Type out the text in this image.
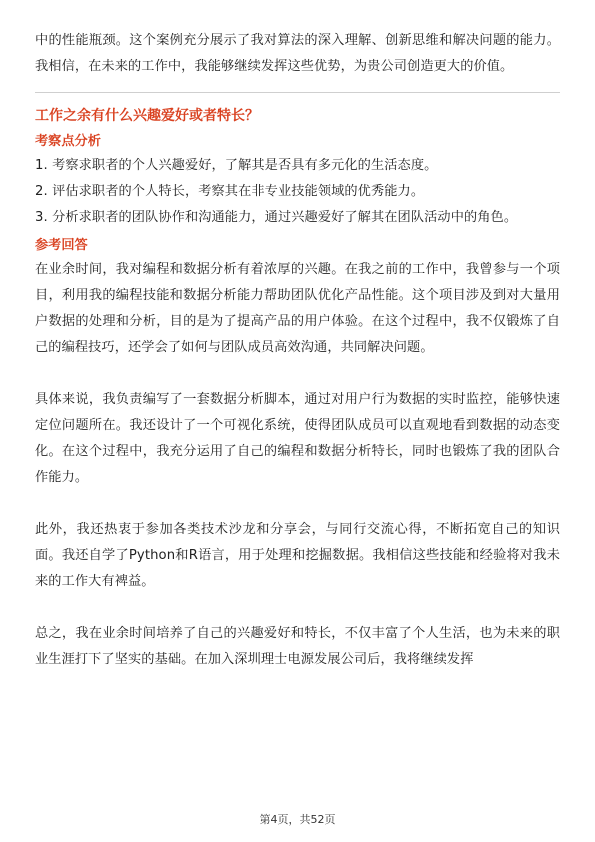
中的性能瓶颈。这个案例充分展示了我对算法的深入理解、创新思维和解决问题的能力。我相信，在未来的工作中，我能够继续发挥这些优势，为贵公司创造更大的价值。

工作之余有什么兴趣爱好或者特长？
考察点分析
1. 考察求职者的个人兴趣爱好，了解其是否具有多元化的生活态度。
2. 评估求职者的个人特长，考察其在非专业技能领域的优秀能力。
3. 分析求职者的团队协作和沟通能力，通过兴趣爱好了解其在团队活动中的角色。
参考回答

在业余时间，我对编程和数据分析有着浓厚的兴趣。在我之前的工作中，我曾参与一个项目，利用我的编程技能和数据分析能力帮助团队优化产品性能。这个项目涉及到对大量用户数据的处理和分析，目的是为了提高产品的用户体验。在这个过程中，我不仅锻炼了自己的编程技巧，还学会了如何与团队成员高效沟通，共同解决问题。

具体来说，我负责编写了一套数据分析脚本，通过对用户行为数据的实时监控，能够快速定位问题所在。我还设计了一个可视化系统，使得团队成员可以直观地看到数据的动态变化。在这个过程中，我充分运用了自己的编程和数据分析特长，同时也锻炼了我的团队合作能力。

此外，我还热衷于参加各类技术沙龙和分享会，与同行交流心得，不断拓宽自己的知识面。我还自学了Python和R语言，用于处理和挖掘数据。我相信这些技能和经验将对我未来的工作大有裨益。

总之，我在业余时间培养了自己的兴趣爱好和特长，不仅丰富了个人生活，也为未来的职业生涯打下了坚实的基础。在加入深圳理士电源发展公司后，我将继续发挥

第4页，共52页
